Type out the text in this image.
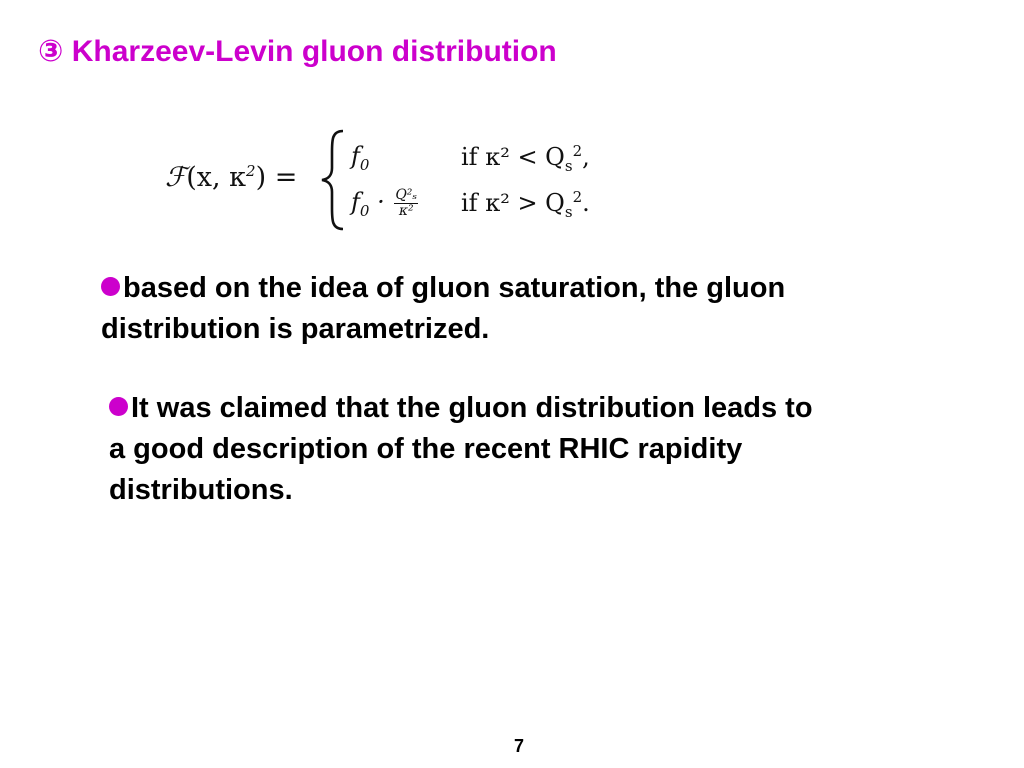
③ Kharzeev-Levin gluon distribution
ℱ(x, $\kappa^2$) =
$f_0$	if $\kappa^2 < Q_s^2$,
$f_0 \cdot \frac{\text{Q²ₛ}}{\text{κ²}}$ if $\kappa^2 > Q_s^2$.
based on the idea of gluon saturation, the gluon
distribution is parametrized.
It was claimed that the gluon distribution leads to
a good description of the recent RHIC rapidity
distributions.
7
